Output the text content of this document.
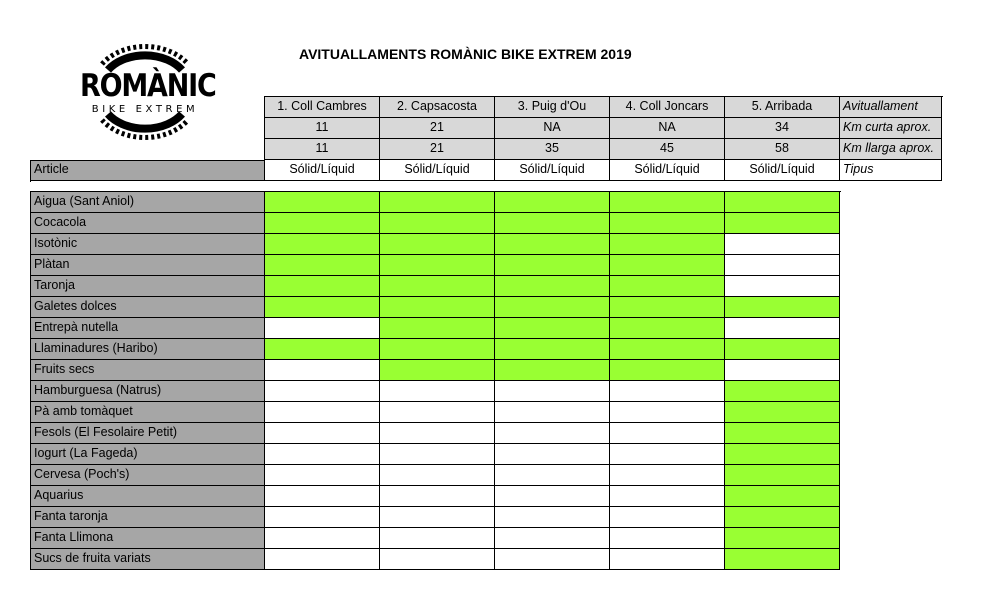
ROMÀNIC
BIKE EXTREM
AVITUALLAMENTS ROMÀNIC BIKE EXTREM 2019
1. Coll Cambres	2. Capsacosta	3. Puig d'Ou	4. Coll Joncars	5. Arribada	Avituallament
11	21	NA	NA	34	Km curta aprox.
11	21	35	45	58	Km llarga aprox.
Article	Sólid/Líquid	Sólid/Líquid	Sólid/Líquid	Sólid/Líquid	Sólid/Líquid	Tipus
Aigua (Sant Aniol)
Cocacola
Isotònic
Plàtan
Taronja
Galetes dolces
Entrepà nutella
Llaminadures (Haribo)
Fruits secs
Hamburguesa (Natrus)
Pà amb tomàquet
Fesols (El Fesolaire Petit)
Iogurt (La Fageda)
Cervesa (Poch's)
Aquarius
Fanta taronja
Fanta Llimona
Sucs de fruita variats
